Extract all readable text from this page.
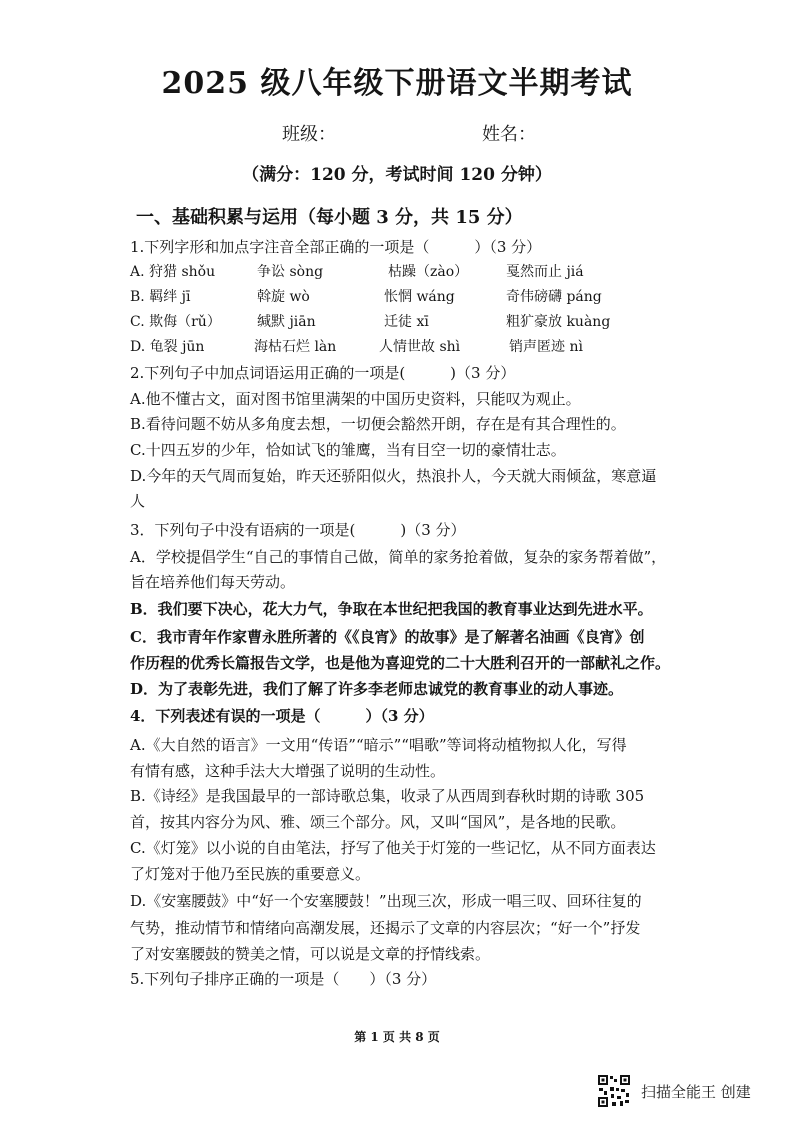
2025 级八年级下册语文半期考试
班级：	姓名：
（满分：120 分，考试时间 120 分钟）
一、基础积累与运用（每小题 3 分，共 15 分）
1.下列字形和加点字注音全部正确的一项是（　　　）（3 分）
A. 狩猎 shǒu	争讼 sòng	枯躁（zào）	戛然而止 jiá
B. 羁绊 jī	斡旋 wò	怅惘 wáng	奇伟磅礴 páng
C. 欺侮（rǔ）	缄默 jiān	迁徒 xī	粗犷豪放 kuàng
D. 龟裂 jūn	海枯石烂 làn	人情世故 shì	销声匿迹 nì
2.下列句子中加点词语运用正确的一项是(　　　)（3 分）
A.他不懂古文，面对图书馆里满架的中国历史资料，只能叹为观止。
B.看待问题不妨从多角度去想，一切便会豁然开朗，存在是有其合理性的。
C.十四五岁的少年，恰如试飞的雏鹰，当有目空一切的豪情壮志。
D.今年的天气周而复始，昨天还骄阳似火，热浪扑人，今天就大雨倾盆，寒意逼
人
3．下列句子中没有语病的一项是(　　　)（3 分）
A．学校提倡学生“自己的事情自己做，简单的家务抢着做，复杂的家务帮着做”，
旨在培养他们每天劳动。
B．我们要下决心，花大力气，争取在本世纪把我国的教育事业达到先进水平。
C．我市青年作家曹永胜所著的《《良宵》的故事》是了解著名油画《良宵》创
作历程的优秀长篇报告文学，也是他为喜迎党的二十大胜利召开的一部献礼之作。
D．为了表彰先进，我们了解了许多李老师忠诚党的教育事业的动人事迹。
4．下列表述有误的一项是（　　　）（3 分）
A.《大自然的语言》一文用“传语”“暗示”“唱歌”等词将动植物拟人化，写得
有情有感，这种手法大大增强了说明的生动性。
B.《诗经》是我国最早的一部诗歌总集，收录了从西周到春秋时期的诗歌 305
首，按其内容分为风、雅、颂三个部分。风，又叫“国风”，是各地的民歌。
C.《灯笼》以小说的自由笔法，抒写了他关于灯笼的一些记忆，从不同方面表达
了灯笼对于他乃至民族的重要意义。
D.《安塞腰鼓》中“好一个安塞腰鼓！”出现三次，形成一唱三叹、回环往复的
气势，推动情节和情绪向高潮发展，还揭示了文章的内容层次；“好一个”抒发
了对安塞腰鼓的赞美之情，可以说是文章的抒情线索。
5.下列句子排序正确的一项是（　　）（3 分）
第 1 页 共 8 页
扫描全能王 创建
